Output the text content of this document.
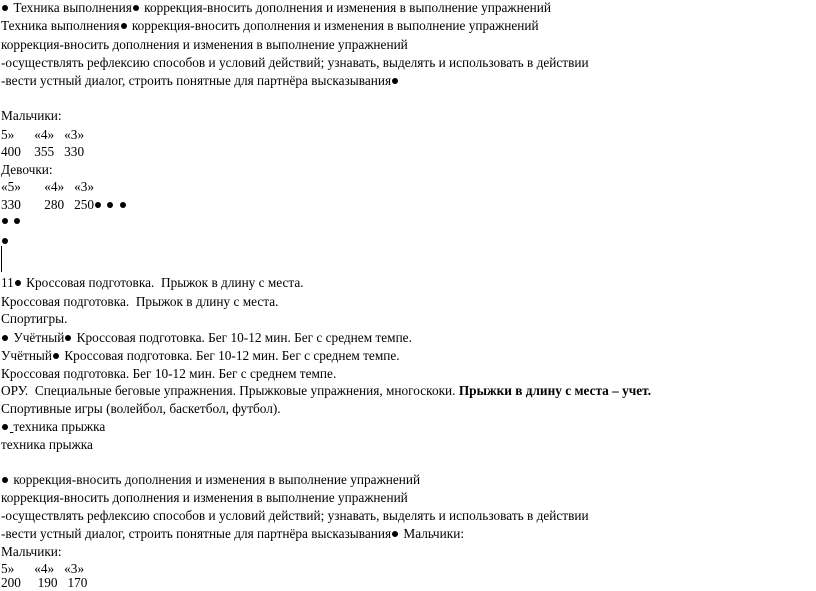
Техника выполнения коррекция-вносить дополнения и изменения в выполнение упражнений
Техника выполнения коррекция-вносить дополнения и изменения в выполнение упражнений
коррекция-вносить дополнения и изменения в выполнение упражнений
-осуществлять рефлексию способов и условий действий; узнавать, выделять и использовать в действии
-вести устный диалог, строить понятные для партнёра высказывания
Мальчики:
5»      «4»   «3»
400    355   330
Девочки:
«5»       «4»   «3»
330       280   250

11 Кроссовая подготовка.  Прыжок в длину с места.
Кроссовая подготовка.  Прыжок в длину с места.
Спортигры.
Учётный Кроссовая подготовка. Бег 10-12 мин. Бег с среднем темпе.
Учётный Кроссовая подготовка. Бег 10-12 мин. Бег с среднем темпе.
Кроссовая подготовка. Бег 10-12 мин. Бег с среднем темпе.
ОРУ.  Специальные беговые упражнения. Прыжковые упражнения, многоскоки. Прыжки в длину с места – учет.
Спортивные игры (волейбол, баскетбол, футбол).
техника прыжка
техника прыжка
коррекция-вносить дополнения и изменения в выполнение упражнений
коррекция-вносить дополнения и изменения в выполнение упражнений
-осуществлять рефлексию способов и условий действий; узнавать, выделять и использовать в действии
-вести устный диалог, строить понятные для партнёра высказывания Мальчики:
Мальчики:
5»      «4»   «3»
200     190   170
